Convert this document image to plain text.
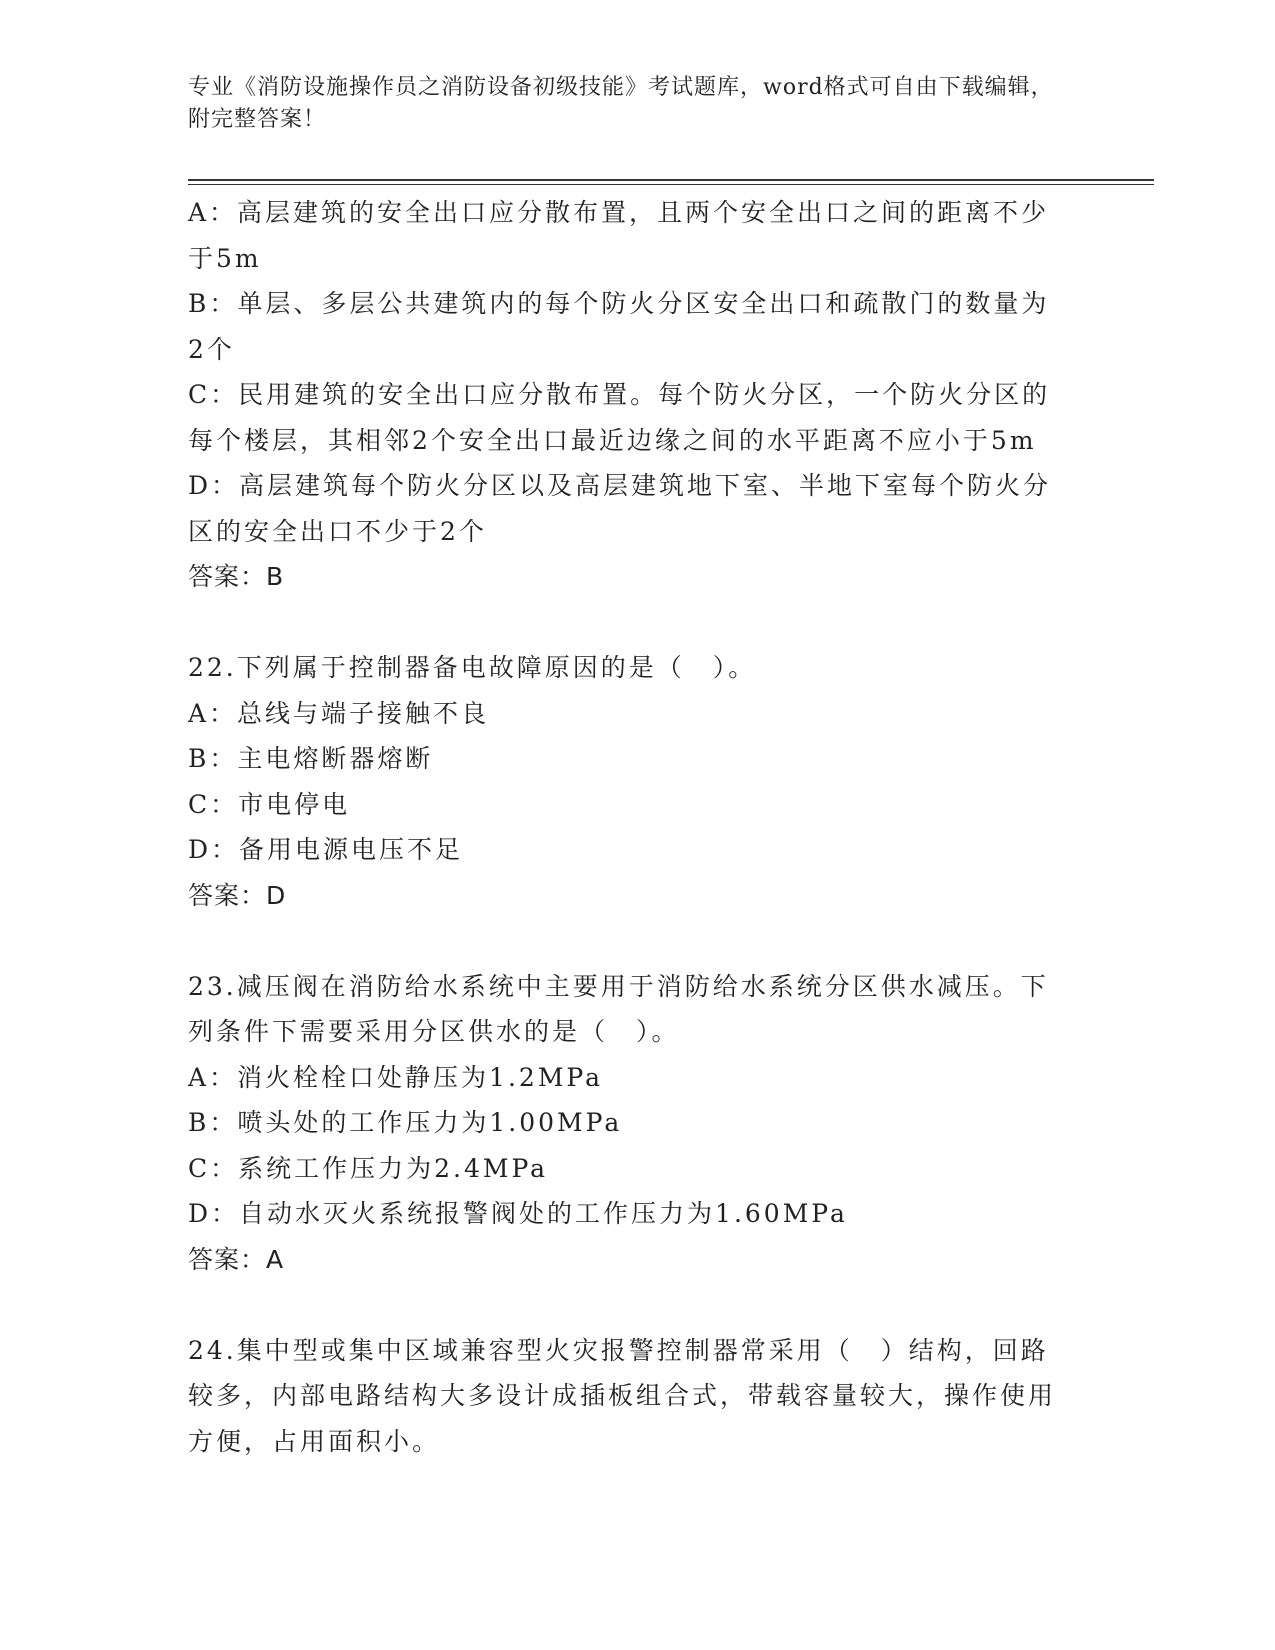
专业《消防设施操作员之消防设备初级技能》考试题库，word格式可自由下载编辑，附完整答案！
A：高层建筑的安全出口应分散布置，且两个安全出口之间的距离不少于5m
B：单层、多层公共建筑内的每个防火分区安全出口和疏散门的数量为2个
C：民用建筑的安全出口应分散布置。每个防火分区，一个防火分区的每个楼层，其相邻2个安全出口最近边缘之间的水平距离不应小于5m
D：高层建筑每个防火分区以及高层建筑地下室、半地下室每个防火分区的安全出口不少于2个
答案：B
22.下列属于控制器备电故障原因的是（　）。
A：总线与端子接触不良
B：主电熔断器熔断
C：市电停电
D：备用电源电压不足
答案：D
23.减压阀在消防给水系统中主要用于消防给水系统分区供水减压。下列条件下需要采用分区供水的是（　）。
A：消火栓栓口处静压为1.2MPa
B：喷头处的工作压力为1.00MPa
C：系统工作压力为2.4MPa
D：自动水灭火系统报警阀处的工作压力为1.60MPa
答案：A
24.集中型或集中区域兼容型火灾报警控制器常采用（　）结构，回路较多，内部电路结构大多设计成插板组合式，带载容量较大，操作使用方便，占用面积小。
